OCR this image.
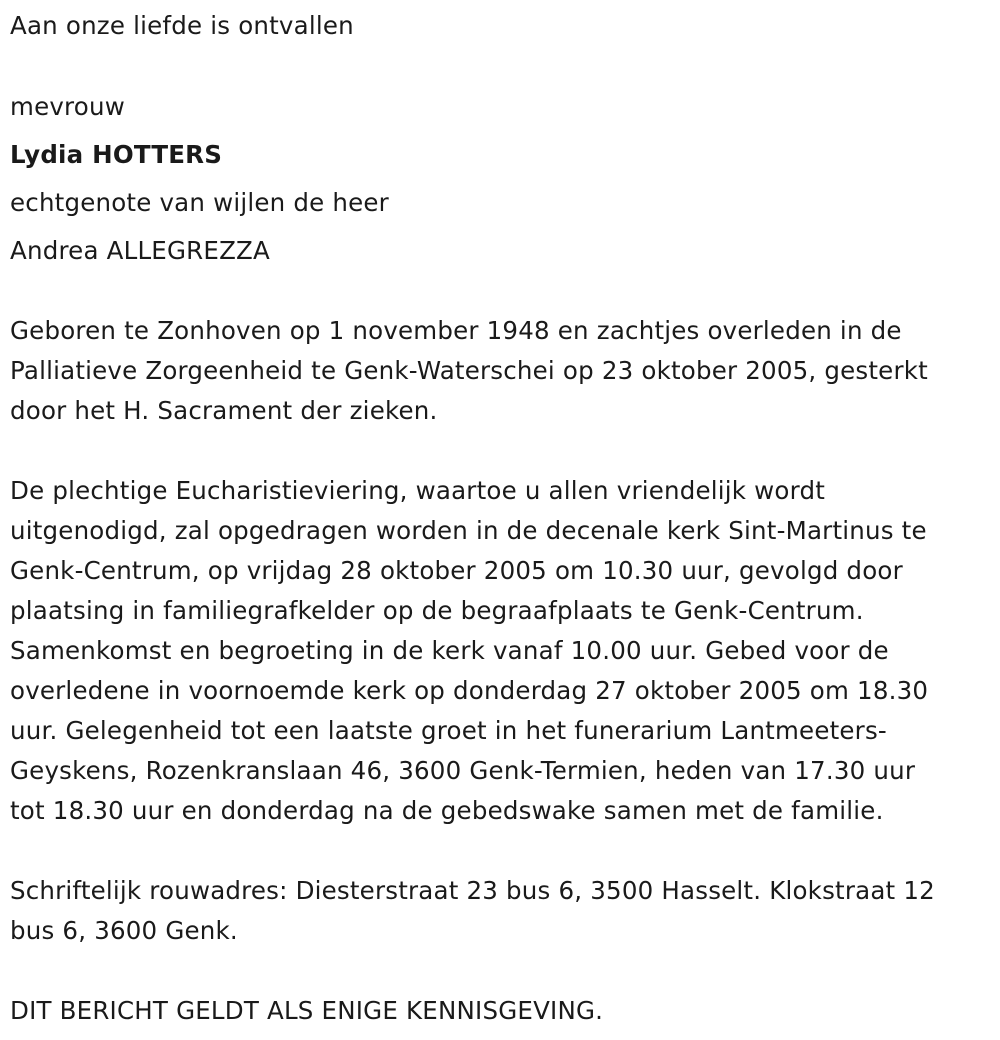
Aan onze liefde is ontvallen

mevrouw

Lydia HOTTERS

echtgenote van wijlen de heer

Andrea ALLEGREZZA

Geboren te Zonhoven op 1 november 1948 en zachtjes overleden in de

Palliatieve Zorgeenheid te Genk-Waterschei op 23 oktober 2005, gesterkt

door het H. Sacrament der zieken.

De plechtige Eucharistieviering, waartoe u allen vriendelijk wordt

uitgenodigd, zal opgedragen worden in de decenale kerk Sint-Martinus te

Genk-Centrum, op vrijdag 28 oktober 2005 om 10.30 uur, gevolgd door

plaatsing in familiegrafkelder op de begraafplaats te Genk-Centrum.

Samenkomst en begroeting in de kerk vanaf 10.00 uur. Gebed voor de

overledene in voornoemde kerk op donderdag 27 oktober 2005 om 18.30

uur. Gelegenheid tot een laatste groet in het funerarium Lantmeeters-

Geyskens, Rozenkranslaan 46, 3600 Genk-Termien, heden van 17.30 uur

tot 18.30 uur en donderdag na de gebedswake samen met de familie.

Schriftelijk rouwadres: Diesterstraat 23 bus 6, 3500 Hasselt. Klokstraat 12

bus 6, 3600 Genk.

DIT BERICHT GELDT ALS ENIGE KENNISGEVING.
